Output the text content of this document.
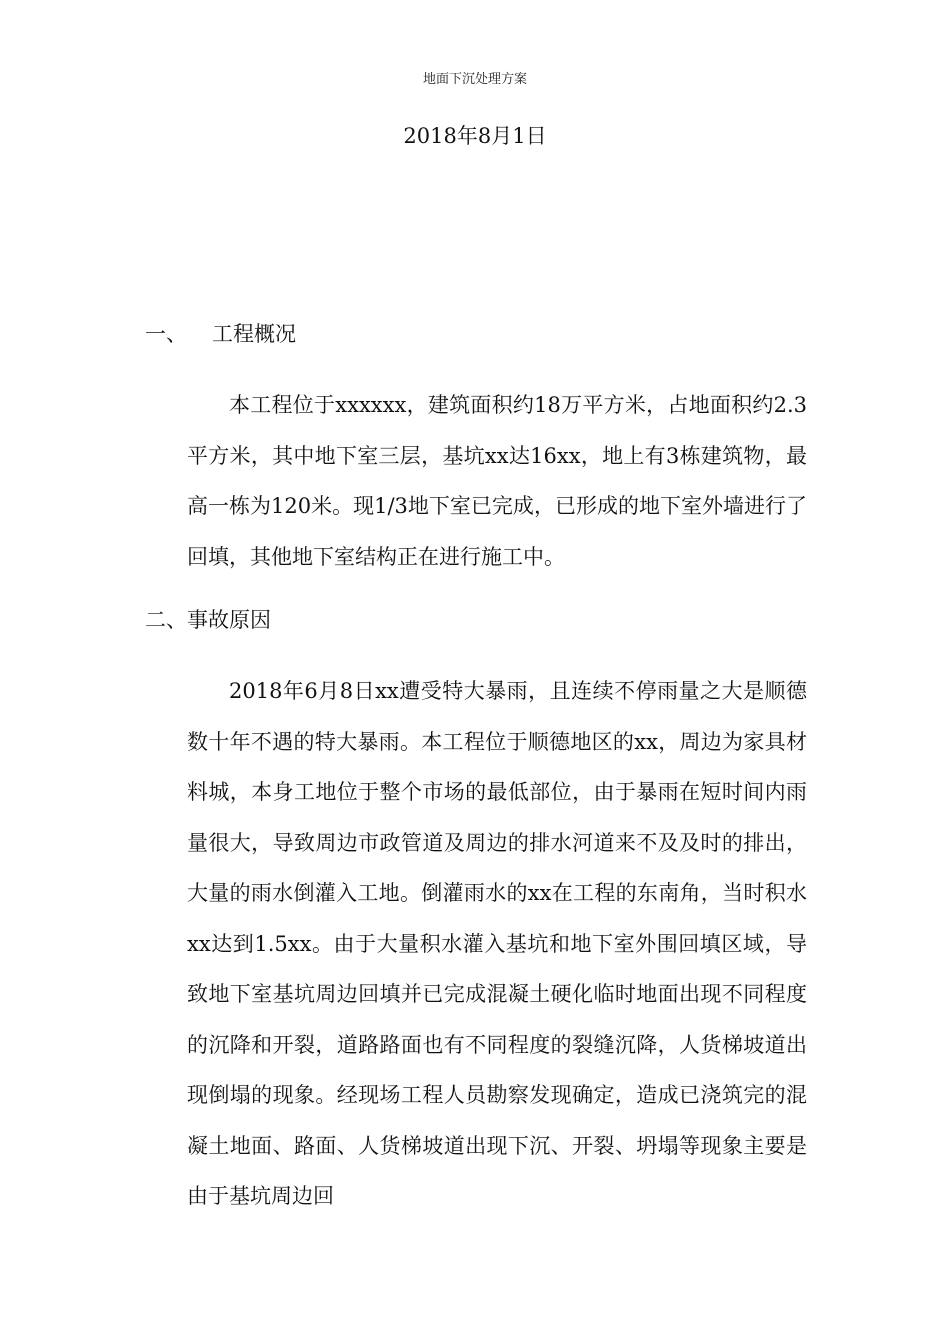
地面下沉处理方案
2018年8月1日
一、 工程概况

本工程位于xxxxxx，建筑面积约18万平方米，占地面积约2.3平方米，其中地下室三层，基坑xx达16xx，地上有3栋建筑物，最高一栋为120米。现1/3地下室已完成，已形成的地下室外墙进行了回填，其他地下室结构正在进行施工中。

二、事故原因

2018年6月8日xx遭受特大暴雨，且连续不停雨量之大是顺德数十年不遇的特大暴雨。本工程位于顺德地区的xx，周边为家具材料城，本身工地位于整个市场的最低部位，由于暴雨在短时间内雨量很大，导致周边市政管道及周边的排水河道来不及及时的排出，大量的雨水倒灌入工地。倒灌雨水的xx在工程的东南角，当时积水xx达到1.5xx。由于大量积水灌入基坑和地下室外围回填区域，导致地下室基坑周边回填并已完成混凝土硬化临时地面出现不同程度的沉降和开裂，道路路面也有不同程度的裂缝沉降，人货梯坡道出现倒塌的现象。经现场工程人员勘察发现确定，造成已浇筑完的混凝土地面、路面、人货梯坡道出现下沉、开裂、坍塌等现象主要是由于基坑周边回
